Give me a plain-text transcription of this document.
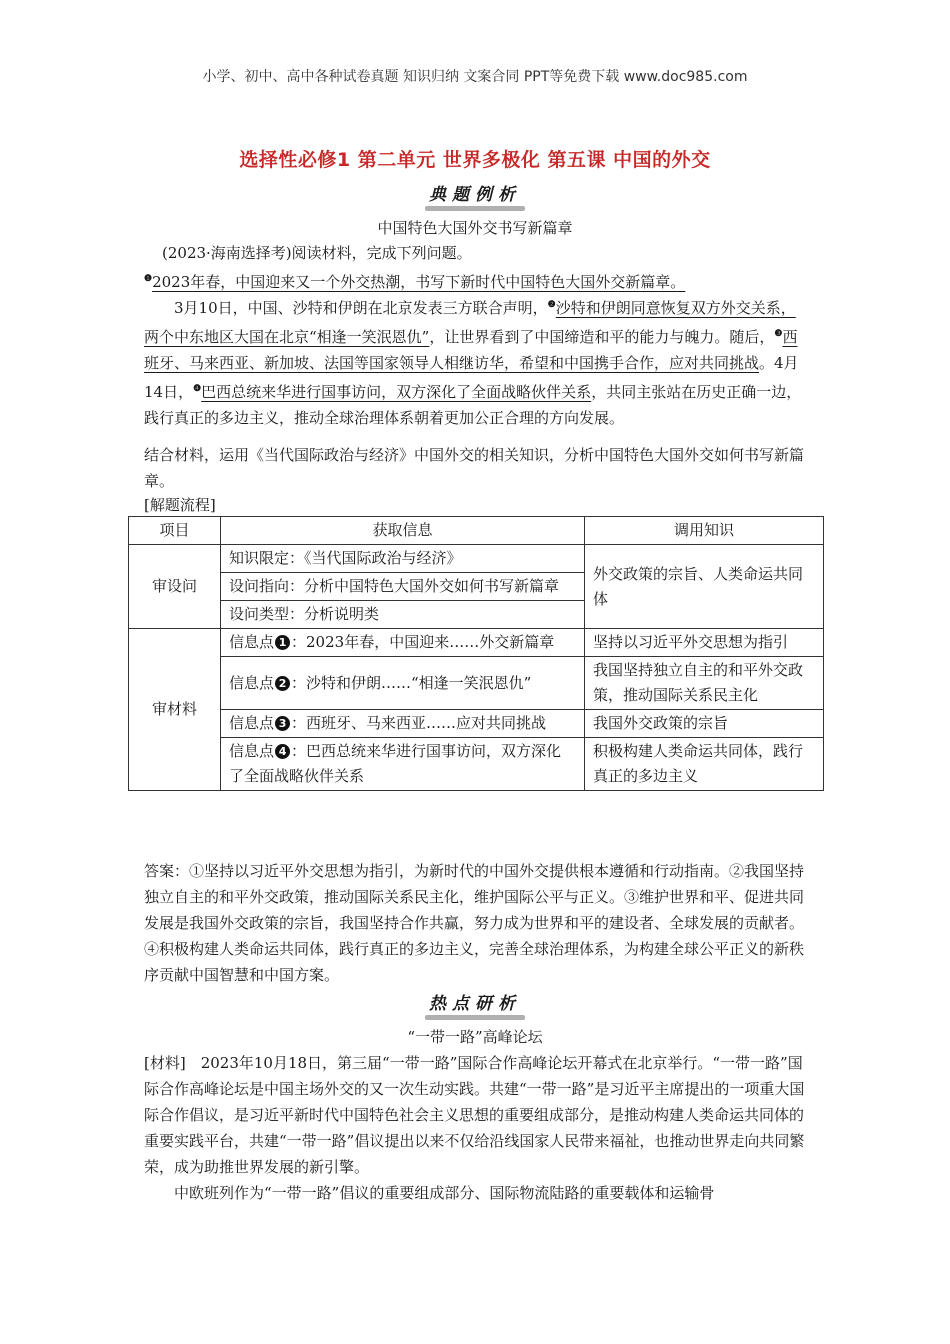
小学、初中、高中各种试卷真题 知识归纳 文案合同 PPT等免费下载 www.doc985.com
选择性必修1 第二单元 世界多极化 第五课 中国的外交
典题例析
中国特色大国外交书写新篇章
(2023·海南选择考)阅读材料，完成下列问题。
$^❶$2023年春，中国迎来又一个外交热潮，书写下新时代中国特色大国外交新篇章。
3月10日，中国、沙特和伊朗在北京发表三方联合声明，$^❷$沙特和伊朗同意恢复双方外交关系，两个中东地区大国在北京“相逢一笑泯恩仇”，让世界看到了中国缔造和平的能力与魄力。随后，$^❸$西班牙、马来西亚、新加坡、法国等国家领导人相继访华，希望和中国携手合作，应对共同挑战。4月14日，$^❹$巴西总统来华进行国事访问，双方深化了全面战略伙伴关系，共同主张站在历史正确一边，践行真正的多边主义，推动全球治理体系朝着更加公正合理的方向发展。
结合材料，运用《当代国际政治与经济》中国外交的相关知识，分析中国特色大国外交如何书写新篇章。
[解题流程]
项目	获取信息	调用知识
审设问	知识限定：《当代国际政治与经济》	外交政策的宗旨、人类命运共同体
	设问指向：分析中国特色大国外交如何书写新篇章	
	设问类型：分析说明类	
审材料	信息点 1 ：2023年春，中国迎来……外交新篇章	坚持以习近平外交思想为指引
	信息点 2 ：沙特和伊朗……“相逢一笑泯恩仇”	我国坚持独立自主的和平外交政策，推动国际关系民主化
	信息点 3 ：西班牙、马来西亚……应对共同挑战	我国外交政策的宗旨
	信息点 4 ：巴西总统来华进行国事访问，双方深化了全面战略伙伴关系	积极构建人类命运共同体，践行真正的多边主义
答案：①坚持以习近平外交思想为指引，为新时代的中国外交提供根本遵循和行动指南。②我国坚持独立自主的和平外交政策，推动国际关系民主化，维护国际公平与正义。③维护世界和平、促进共同发展是我国外交政策的宗旨，我国坚持合作共赢，努力成为世界和平的建设者、全球发展的贡献者。④积极构建人类命运共同体，践行真正的多边主义，完善全球治理体系，为构建全球公平正义的新秩序贡献中国智慧和中国方案。
热点研析
“一带一路”高峰论坛
[材料]　2023年10月18日，第三届“一带一路”国际合作高峰论坛开幕式在北京举行。“一带一路”国际合作高峰论坛是中国主场外交的又一次生动实践。共建“一带一路”是习近平主席提出的一项重大国际合作倡议，是习近平新时代中国特色社会主义思想的重要组成部分，是推动构建人类命运共同体的重要实践平台，共建“一带一路”倡议提出以来不仅给沿线国家人民带来福祉，也推动世界走向共同繁荣，成为助推世界发展的新引擎。
中欧班列作为“一带一路”倡议的重要组成部分、国际物流陆路的重要载体和运输骨
